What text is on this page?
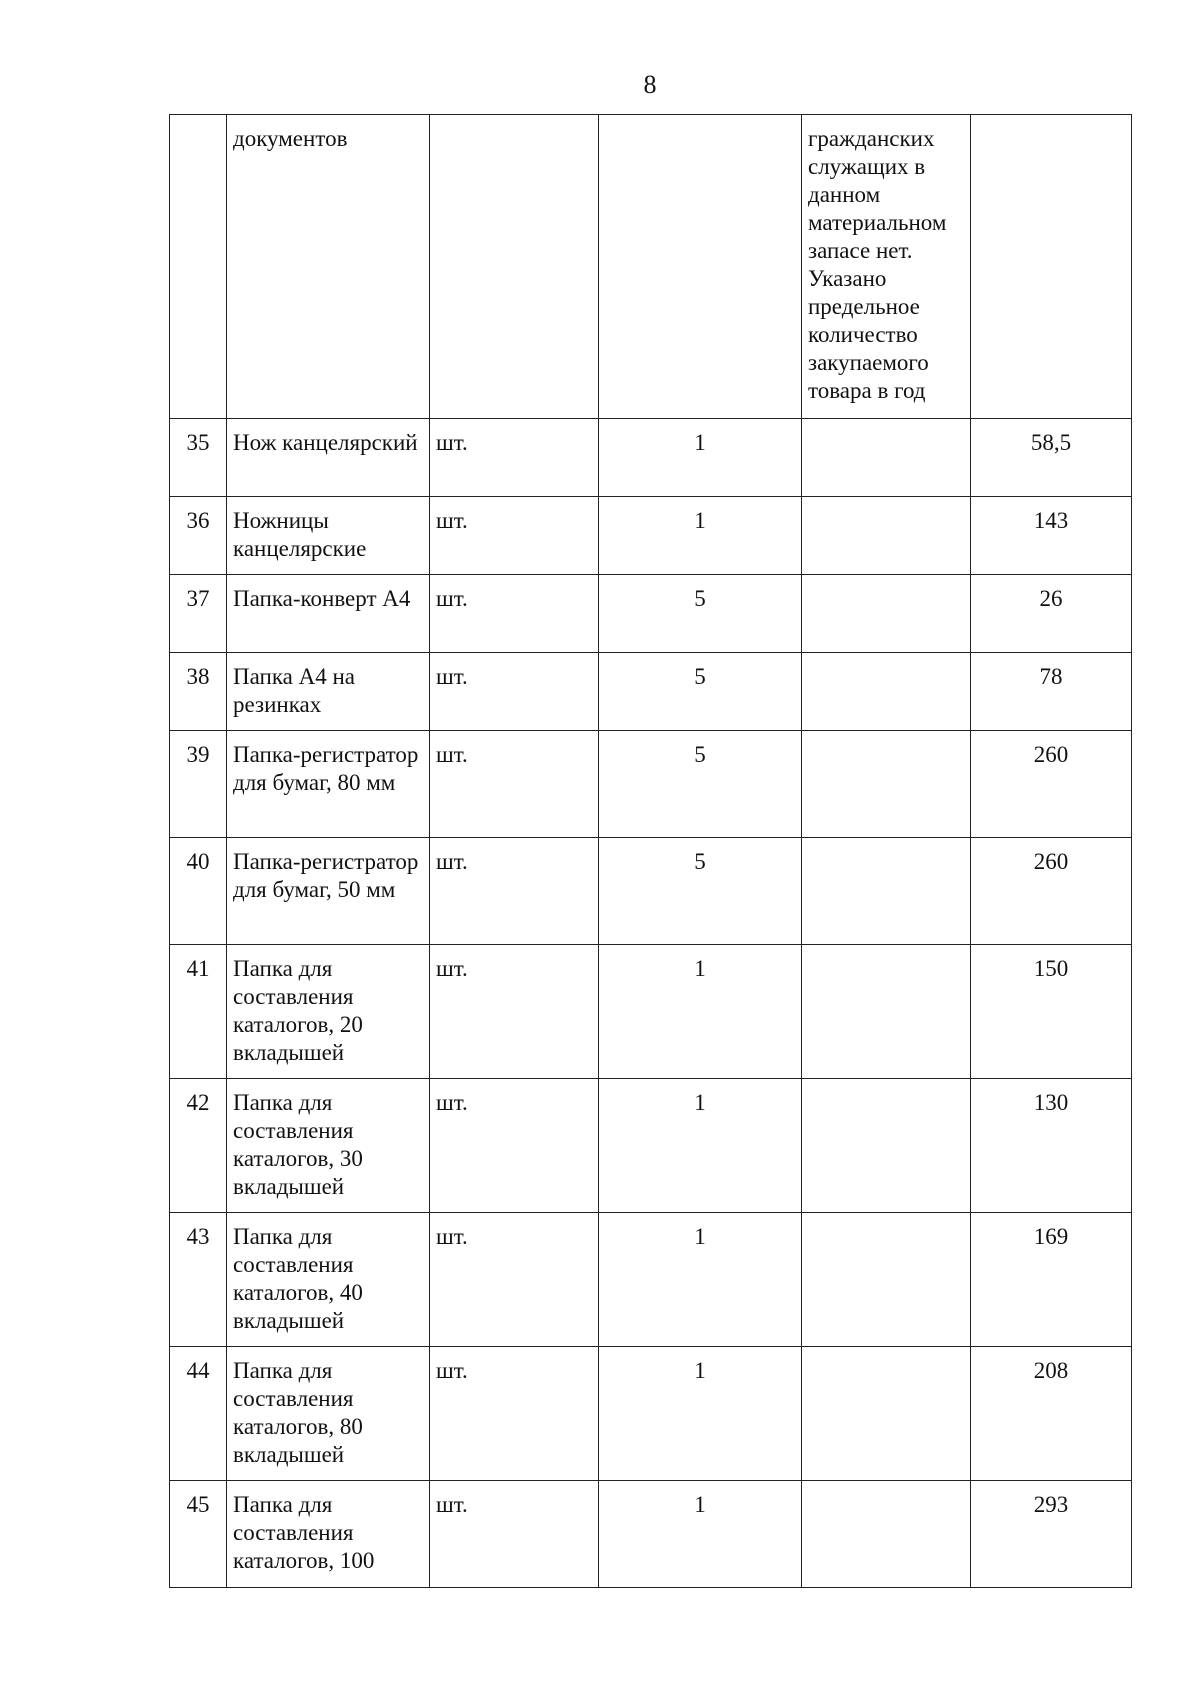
8
	документов			гражданских служащих в данном материальном запасе нет. Указано предельное количество закупаемого товара в год	
35	Нож канцелярский	шт.	1		58,5
36	Ножницы канцелярские	шт.	1		143
37	Папка-конверт А4	шт.	5		26
38	Папка А4 на резинках	шт.	5		78
39	Папка-регистратор для бумаг, 80 мм	шт.	5		260
40	Папка-регистратор для бумаг, 50 мм	шт.	5		260
41	Папка для составления каталогов, 20 вкладышей	шт.	1		150
42	Папка для составления каталогов, 30 вкладышей	шт.	1		130
43	Папка для составления каталогов, 40 вкладышей	шт.	1		169
44	Папка для составления каталогов, 80 вкладышей	шт.	1		208
45	Папка для составления каталогов, 100	шт.	1		293
